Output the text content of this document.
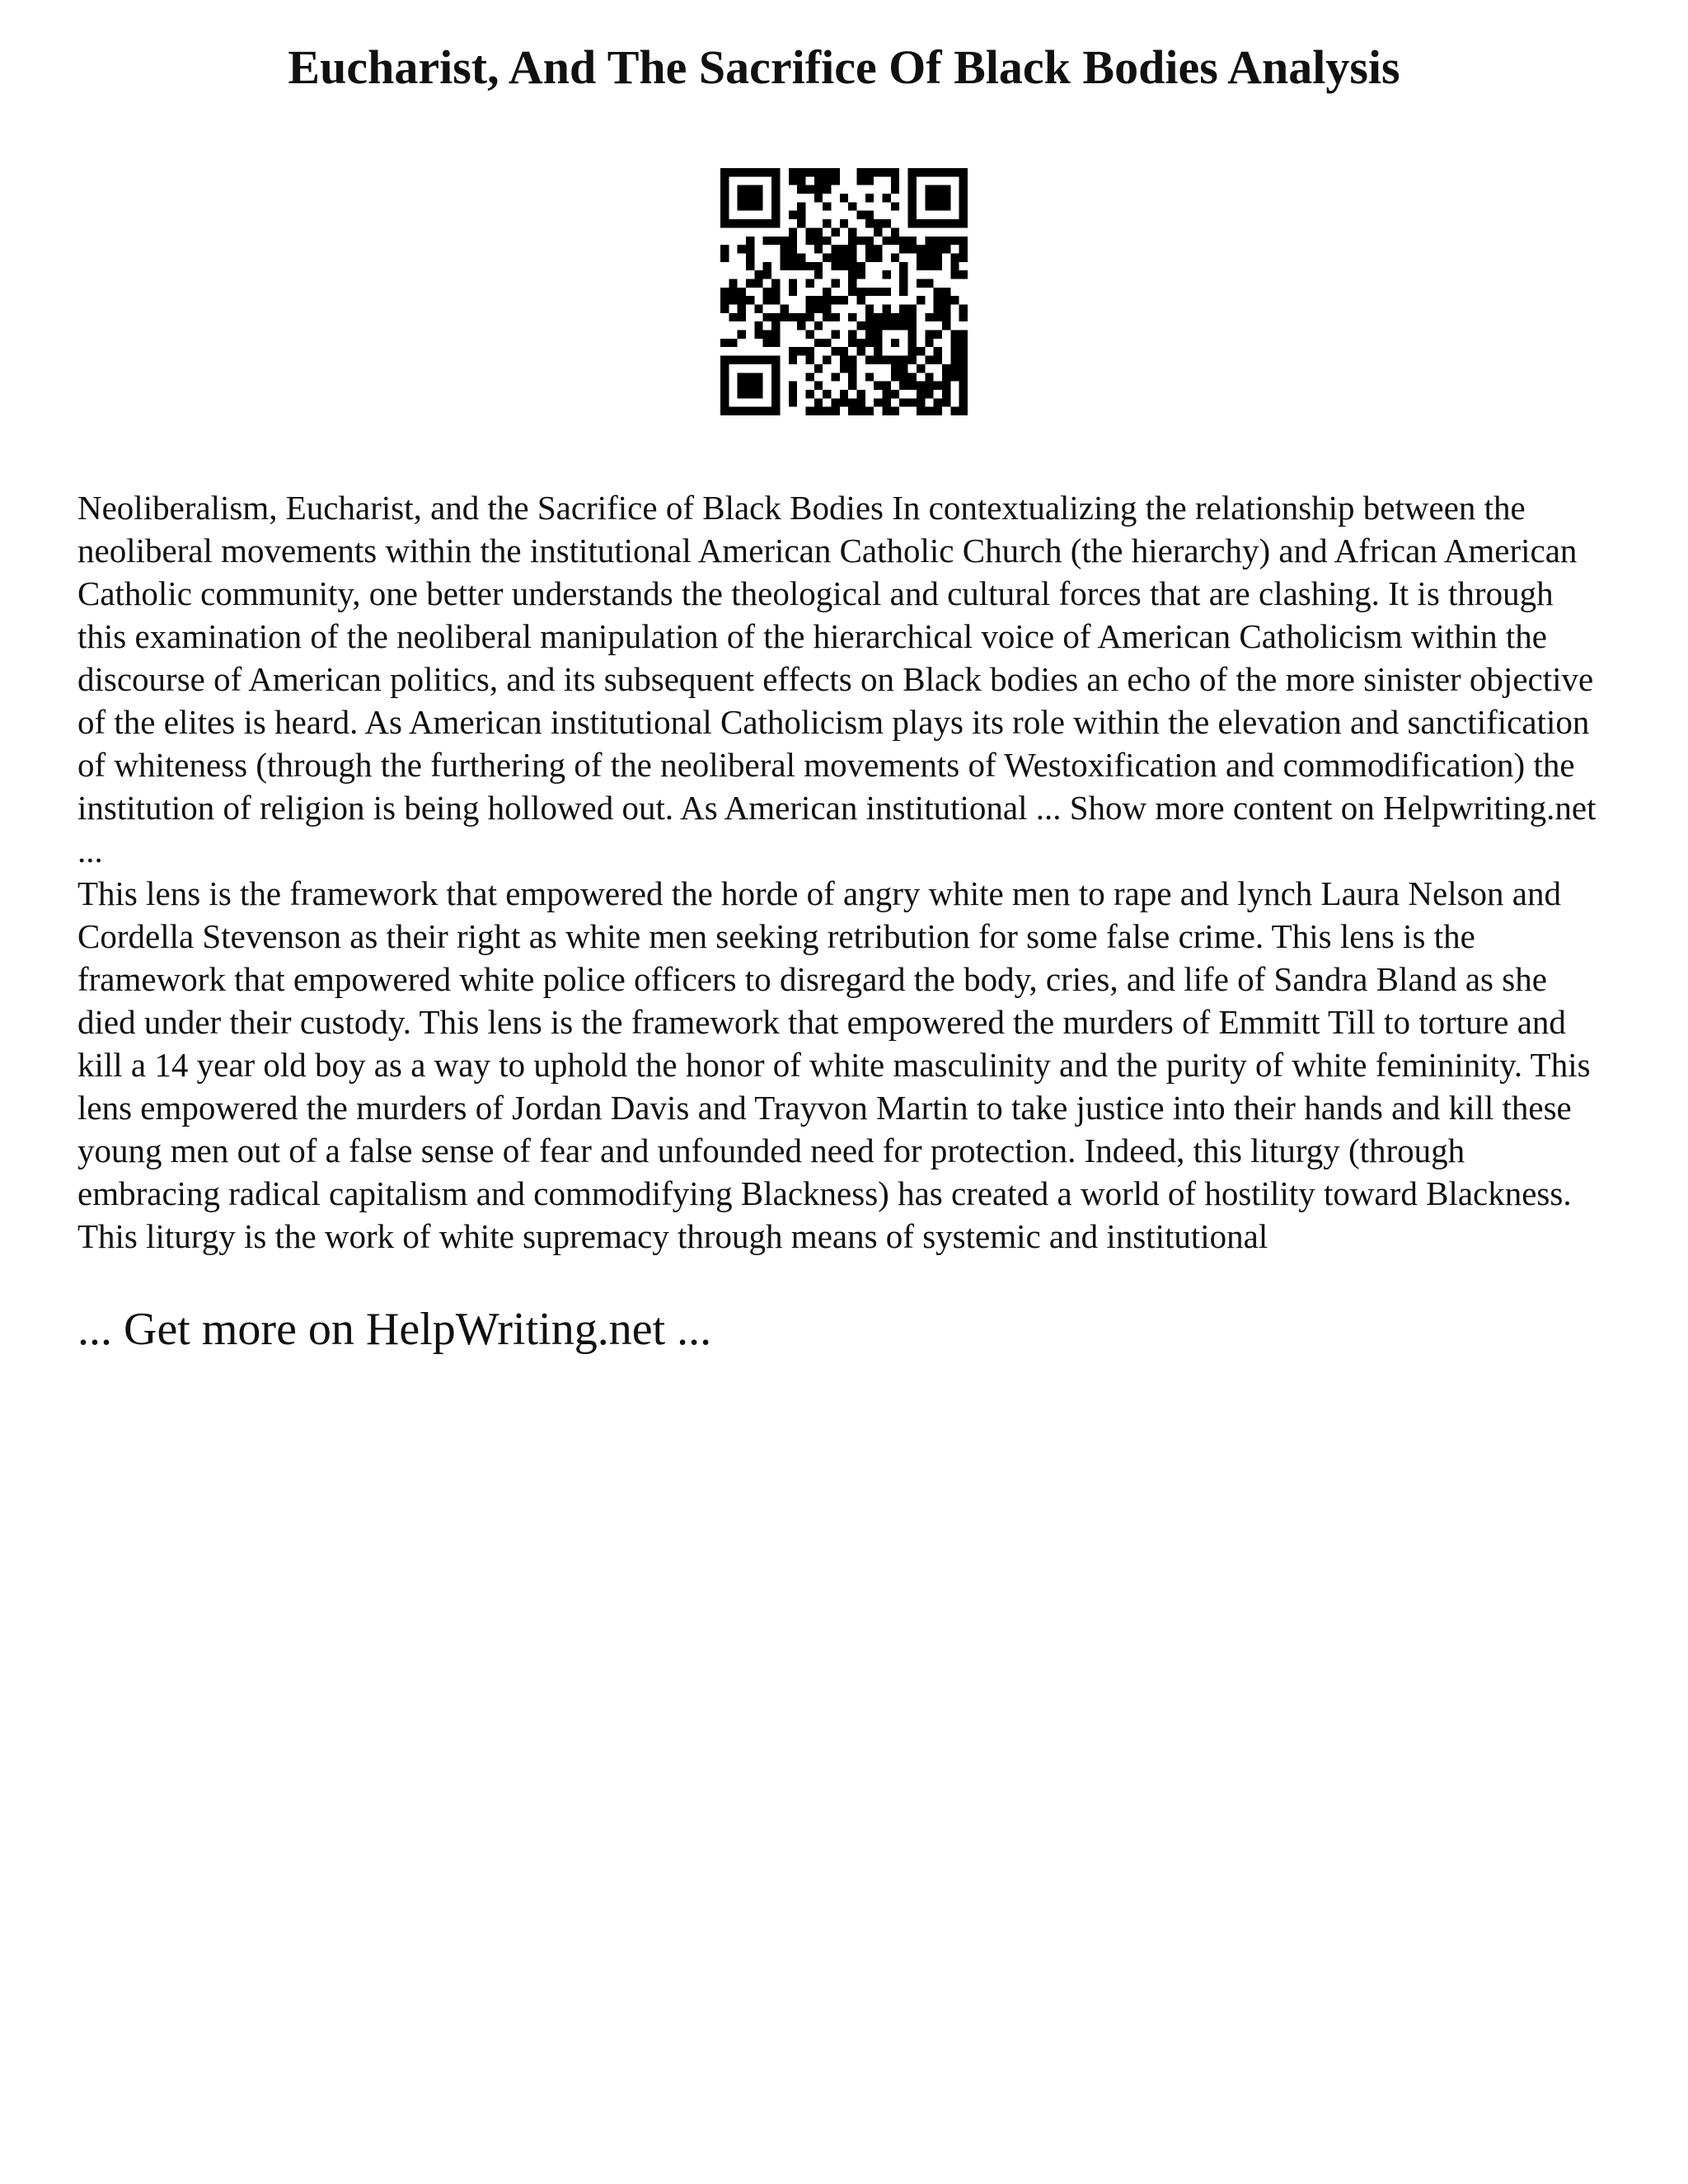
Eucharist, And The Sacrifice Of Black Bodies Analysis

Neoliberalism, Eucharist, and the Sacrifice of Black Bodies In contextualizing the relationship between the neoliberal movements within the institutional American Catholic Church (the hierarchy) and African American Catholic community, one better understands the theological and cultural forces that are clashing. It is through this examination of the neoliberal manipulation of the hierarchical voice of American Catholicism within the discourse of American politics, and its subsequent effects on Black bodies an echo of the more sinister objective of the elites is heard. As American institutional Catholicism plays its role within the elevation and sanctification of whiteness (through the furthering of the neoliberal movements of Westoxification and commodification) the institution of religion is being hollowed out. As American institutional ... Show more content on Helpwriting.net ...

This lens is the framework that empowered the horde of angry white men to rape and lynch Laura Nelson and Cordella Stevenson as their right as white men seeking retribution for some false crime. This lens is the framework that empowered white police officers to disregard the body, cries, and life of Sandra Bland as she died under their custody. This lens is the framework that empowered the murders of Emmitt Till to torture and kill a 14 year old boy as a way to uphold the honor of white masculinity and the purity of white femininity. This lens empowered the murders of Jordan Davis and Trayvon Martin to take justice into their hands and kill these young men out of a false sense of fear and unfounded need for protection. Indeed, this liturgy (through embracing radical capitalism and commodifying Blackness) has created a world of hostility toward Blackness. This liturgy is the work of white supremacy through means of systemic and institutional

... Get more on HelpWriting.net ...
